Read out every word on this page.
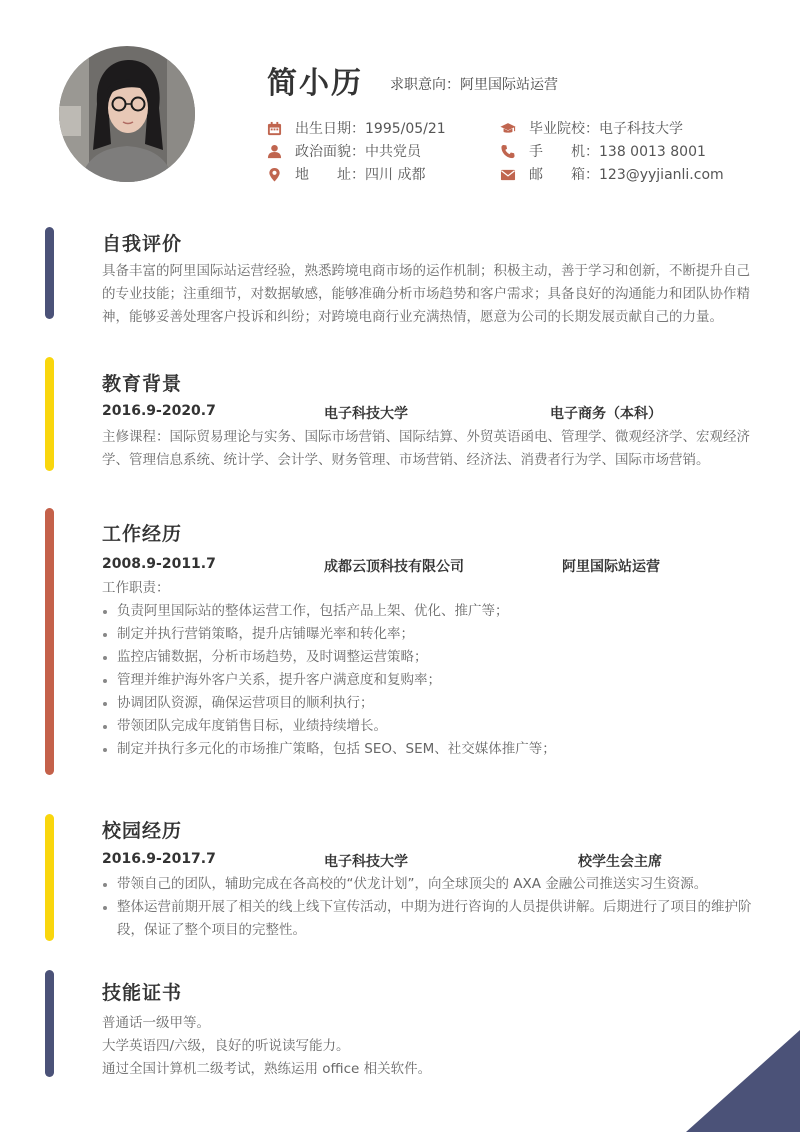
简小历 求职意向：阿里国际站运营
出生日期：1995/05/21
政治面貌：中共党员
地　　址：四川 成都
毕业院校：电子科技大学
手　　机：138 0013 8001
邮　　箱：123@yyjianli.com
自我评价
具备丰富的阿里国际站运营经验，熟悉跨境电商市场的运作机制；积极主动，善于学习和创新，不断提升自己的专业技能；注重细节，对数据敏感，能够准确分析市场趋势和客户需求；具备良好的沟通能力和团队协作精神，能够妥善处理客户投诉和纠纷；对跨境电商行业充满热情，愿意为公司的长期发展贡献自己的力量。
教育背景
2016.9-2020.7	电子科技大学	电子商务（本科）
主修课程：国际贸易理论与实务、国际市场营销、国际结算、外贸英语函电、管理学、微观经济学、宏观经济学、管理信息系统、统计学、会计学、财务管理、市场营销、经济法、消费者行为学、国际市场营销。
工作经历
2008.9-2011.7	成都云顶科技有限公司	阿里国际站运营
工作职责：
负责阿里国际站的整体运营工作，包括产品上架、优化、推广等；
制定并执行营销策略，提升店铺曝光率和转化率；
监控店铺数据，分析市场趋势，及时调整运营策略；
管理并维护海外客户关系，提升客户满意度和复购率；
协调团队资源，确保运营项目的顺利执行；
带领团队完成年度销售目标，业绩持续增长。
制定并执行多元化的市场推广策略，包括 SEO、SEM、社交媒体推广等；
校园经历
2016.9-2017.7	电子科技大学	校学生会主席
带领自己的团队，辅助完成在各高校的“伏龙计划”，向全球顶尖的 AXA 金融公司推送实习生资源。
整体运营前期开展了相关的线上线下宣传活动，中期为进行咨询的人员提供讲解。后期进行了项目的维护阶段，保证了整个项目的完整性。
技能证书
普通话一级甲等。
大学英语四/六级，良好的听说读写能力。
通过全国计算机二级考试，熟练运用 office 相关软件。
